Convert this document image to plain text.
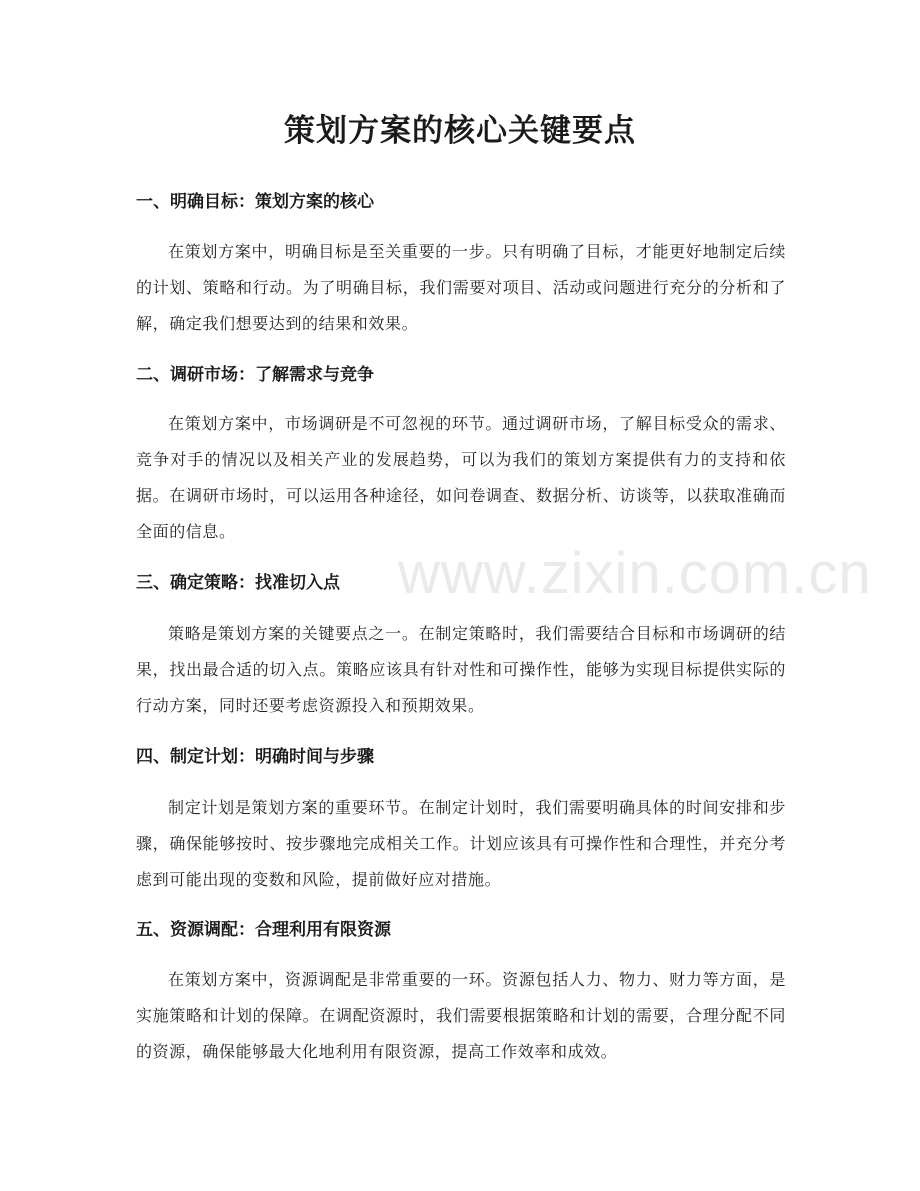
策划方案的核心关键要点
一、明确目标：策划方案的核心

在策划方案中，明确目标是至关重要的一步。只有明确了目标，才能更好地制定后续的计划、策略和行动。为了明确目标，我们需要对项目、活动或问题进行充分的分析和了解，确定我们想要达到的结果和效果。

二、调研市场：了解需求与竞争

在策划方案中，市场调研是不可忽视的环节。通过调研市场，了解目标受众的需求、竞争对手的情况以及相关产业的发展趋势，可以为我们的策划方案提供有力的支持和依据。在调研市场时，可以运用各种途径，如问卷调查、数据分析、访谈等，以获取准确而全面的信息。

三、确定策略：找准切入点

策略是策划方案的关键要点之一。在制定策略时，我们需要结合目标和市场调研的结果，找出最合适的切入点。策略应该具有针对性和可操作性，能够为实现目标提供实际的行动方案，同时还要考虑资源投入和预期效果。

四、制定计划：明确时间与步骤

制定计划是策划方案的重要环节。在制定计划时，我们需要明确具体的时间安排和步骤，确保能够按时、按步骤地完成相关工作。计划应该具有可操作性和合理性，并充分考虑到可能出现的变数和风险，提前做好应对措施。

五、资源调配：合理利用有限资源

在策划方案中，资源调配是非常重要的一环。资源包括人力、物力、财力等方面，是实施策略和计划的保障。在调配资源时，我们需要根据策略和计划的需要，合理分配不同的资源，确保能够最大化地利用有限资源，提高工作效率和成效。

www.zixin.com.cn
